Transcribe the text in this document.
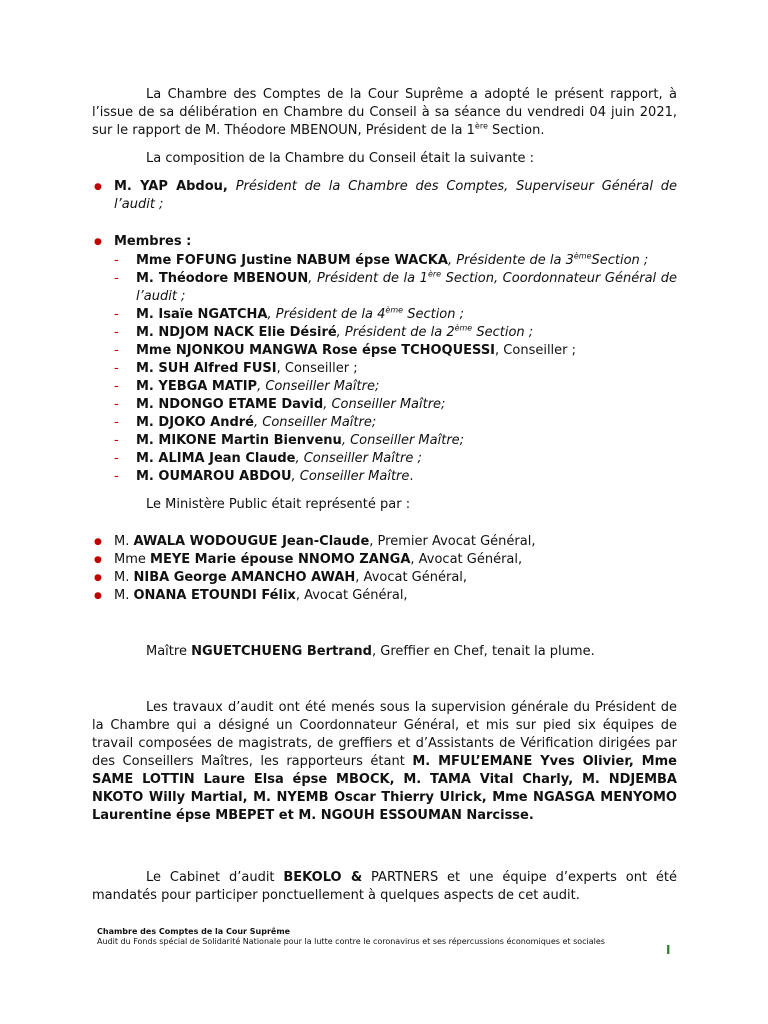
La Chambre des Comptes de la Cour Suprême a adopté le présent rapport, à l’issue de sa délibération en Chambre du Conseil à sa séance du vendredi 04 juin 2021, sur le rapport de M. Théodore MBENOUN, Président de la 1ère Section.

La composition de la Chambre du Conseil était la suivante :

● M. YAP Abdou, Président de la Chambre des Comptes, Superviseur Général de l’audit ;
● Membres :
- Mme FOFUNG Justine NABUM épse WACKA, Présidente de la 3èmeSection ;
- M. Théodore MBENOUN, Président de la 1ère Section, Coordonnateur Général de l’audit ;
- M. Isaïe NGATCHA, Président de la 4ème Section ;
- M. NDJOM NACK Elie Désiré, Président de la 2ème Section ;
- Mme NJONKOU MANGWA Rose épse TCHOQUESSI, Conseiller ;
- M. SUH Alfred FUSI, Conseiller ;
- M. YEBGA MATIP, Conseiller Maître;
- M. NDONGO ETAME David, Conseiller Maître;
- M. DJOKO André, Conseiller Maître;
- M. MIKONE Martin Bienvenu, Conseiller Maître;
- M. ALIMA Jean Claude, Conseiller Maître ;
- M. OUMAROU ABDOU, Conseiller Maître.

Le Ministère Public était représenté par :

● M. AWALA WODOUGUE Jean-Claude, Premier Avocat Général,
● Mme MEYE Marie épouse NNOMO ZANGA, Avocat Général,
● M. NIBA George AMANCHO AWAH, Avocat Général,
● M. ONANA ETOUNDI Félix, Avocat Général,

Maître NGUETCHUENG Bertrand, Greffier en Chef, tenait la plume.

Les travaux d’audit ont été menés sous la supervision générale du Président de la Chambre qui a désigné un Coordonnateur Général, et mis sur pied six équipes de travail composées de magistrats, de greffiers et d’Assistants de Vérification dirigées par des Conseillers Maîtres, les rapporteurs étant M. MFUL’EMANE Yves Olivier, Mme SAME LOTTIN Laure Elsa épse MBOCK, M. TAMA Vital Charly, M. NDJEMBA NKOTO Willy Martial, M. NYEMB Oscar Thierry Ulrick, Mme NGASGA MENYOMO Laurentine épse MBEPET et M. NGOUH ESSOUMAN Narcisse.

Le Cabinet d’audit BEKOLO & PARTNERS et une équipe d’experts ont été mandatés pour participer ponctuellement à quelques aspects de cet audit.

Chambre des Comptes de la Cour Suprême
Audit du Fonds spécial de Solidarité Nationale pour la lutte contre le coronavirus et ses répercussions économiques et sociales
I
